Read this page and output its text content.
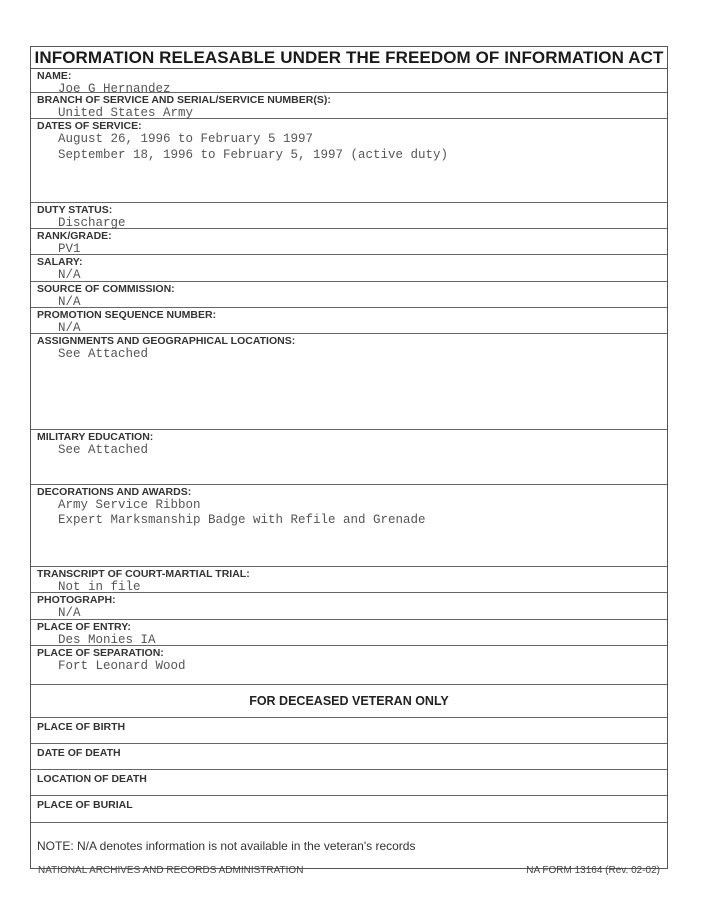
INFORMATION RELEASABLE UNDER THE FREEDOM OF INFORMATION ACT
NAME:
Joe G Hernandez
BRANCH OF SERVICE AND SERIAL/SERVICE NUMBER(S):
United States Army
DATES OF SERVICE:
August 26, 1996 to February 5 1997
September 18, 1996 to February 5, 1997 (active duty)
DUTY STATUS:
Discharge
RANK/GRADE:
PV1
SALARY:
N/A
SOURCE OF COMMISSION:
N/A
PROMOTION SEQUENCE NUMBER:
N/A
ASSIGNMENTS AND GEOGRAPHICAL LOCATIONS:
See Attached
MILITARY EDUCATION:
See Attached
DECORATIONS AND AWARDS:
Army Service Ribbon
Expert Marksmanship Badge with Refile and Grenade
TRANSCRIPT OF COURT-MARTIAL TRIAL:
Not in file
PHOTOGRAPH:
N/A
PLACE OF ENTRY:
Des Monies IA
PLACE OF SEPARATION:
Fort Leonard Wood
FOR DECEASED VETERAN ONLY
PLACE OF BIRTH
DATE OF DEATH
LOCATION OF DEATH
PLACE OF BURIAL
NOTE: N/A denotes information is not available in the veteran's records
NATIONAL ARCHIVES AND RECORDS ADMINISTRATION	NA FORM 13164 (Rev. 02-02)
